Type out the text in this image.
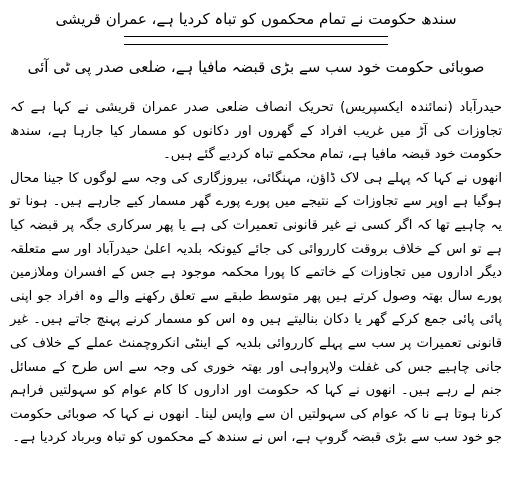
سندھ حکومت نے تمام محکموں کو تباہ کردیا ہے، عمران قریشی

صوبائی حکومت خود سب سے بڑی قبضہ مافیا ہے، ضلعی صدر پی ٹی آئی

حیدرآباد (نمائندہ ایکسپریس) تحریک انصاف ضلعی صدر عمران قریشی نے کہا ہے کہ تجاوزات کی آڑ میں غریب افراد کے گھروں اور دکانوں کو مسمار کیا جارہا ہے، سندھ حکومت خود قبضہ مافیا ہے، تمام محکمے تباہ کردیے گئے ہیں۔

انھوں نے کہا کہ پہلے ہی لاک ڈاؤن، مہنگائی، بیروزگاری کی وجہ سے لوگوں کا جینا محال ہوگیا ہے اوپر سے تجاوزات کے نتیجے میں پورے پورے گھر مسمار کیے جارہے ہیں۔ ہونا تو یہ چاہیے تھا کہ اگر کسی نے غیر قانونی تعمیرات کی ہے یا پھر سرکاری جگہ پر قبضہ کیا ہے تو اس کے خلاف بروقت کارروائی کی جائے کیونکہ بلدیہ اعلیٰ حیدرآباد اور سے متعلقہ دیگر اداروں میں تجاوزات کے خاتمے کا پورا محکمہ موجود ہے جس کے افسران وملازمین پورے سال بھتہ وصول کرتے ہیں پھر متوسط طبقے سے تعلق رکھنے والے وہ افراد جو اپنی پائی پائی جمع کرکے گھر یا دکان بنالیتے ہیں وہ اس کو مسمار کرنے پہنچ جاتے ہیں۔ غیر قانونی تعمیرات پر سب سے پہلے کارروائی بلدیہ کے اینٹی انکروچمنٹ عملے کے خلاف کی جانی چاہیے جس کی غفلت ولاپرواہی اور بھتہ خوری کی وجہ سے اس طرح کے مسائل جنم لے رہے ہیں۔ انھوں نے کہا کہ حکومت اور اداروں کا کام عوام کو سہولتیں فراہم کرنا ہوتا ہے نا کہ عوام کی سہولتیں ان سے واپس لینا۔ انھوں نے کہا کہ صوبائی حکومت جو خود سب سے بڑی قبضہ گروپ ہے، اس نے سندھ کے محکموں کو تباہ وبرباد کردیا ہے۔
